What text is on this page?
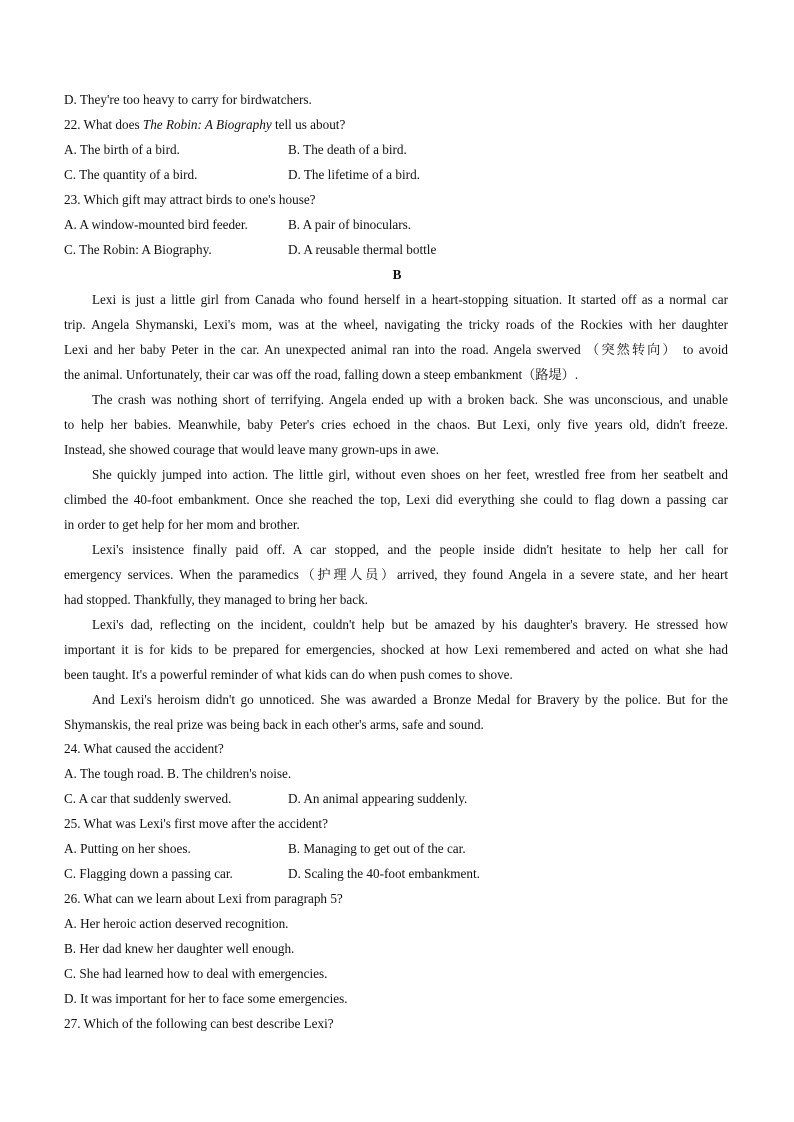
D. They're too heavy to carry for birdwatchers.
22. What does The Robin: A Biography tell us about?
A. The birth of a bird.	B. The death of a bird.
C. The quantity of a bird.	D. The lifetime of a bird.
23. Which gift may attract birds to one's house?
A. A window-mounted bird feeder.	B. A pair of binoculars.
C. The Robin: A Biography.	D. A reusable thermal bottle
B
Lexi is just a little girl from Canada who found herself in a heart-stopping situation. It started off as a normal car
trip. Angela Shymanski, Lexi's mom, was at the wheel, navigating the tricky roads of the Rockies with her daughter
Lexi and her baby Peter in the car. An unexpected animal ran into the road. Angela swerved （突然转向） to avoid
the animal. Unfortunately, their car was off the road, falling down a steep embankment（路堤）.
The crash was nothing short of terrifying. Angela ended up with a broken back. She was unconscious, and unable
to help her babies. Meanwhile, baby Peter's cries echoed in the chaos. But Lexi, only five years old, didn't freeze.
Instead, she showed courage that would leave many grown-ups in awe.
She quickly jumped into action. The little girl, without even shoes on her feet, wrestled free from her seatbelt and
climbed the 40-foot embankment. Once she reached the top, Lexi did everything she could to flag down a passing car
in order to get help for her mom and brother.
Lexi's insistence finally paid off. A car stopped, and the people inside didn't hesitate to help her call for
emergency services. When the paramedics（护理人员）arrived, they found Angela in a severe state, and her heart
had stopped. Thankfully, they managed to bring her back.
Lexi's dad, reflecting on the incident, couldn't help but be amazed by his daughter's bravery. He stressed how
important it is for kids to be prepared for emergencies, shocked at how Lexi remembered and acted on what she had
been taught. It's a powerful reminder of what kids can do when push comes to shove.
And Lexi's heroism didn't go unnoticed. She was awarded a Bronze Medal for Bravery by the police. But for the
Shymanskis, the real prize was being back in each other's arms, safe and sound.
24. What caused the accident?
A. The tough road. B. The children's noise.
C. A car that suddenly swerved.	D. An animal appearing suddenly.
25. What was Lexi's first move after the accident?
A. Putting on her shoes.	B. Managing to get out of the car.
C. Flagging down a passing car.	D. Scaling the 40-foot embankment.
26. What can we learn about Lexi from paragraph 5?
A. Her heroic action deserved recognition.
B. Her dad knew her daughter well enough.
C. She had learned how to deal with emergencies.
D. It was important for her to face some emergencies.
27. Which of the following can best describe Lexi?
